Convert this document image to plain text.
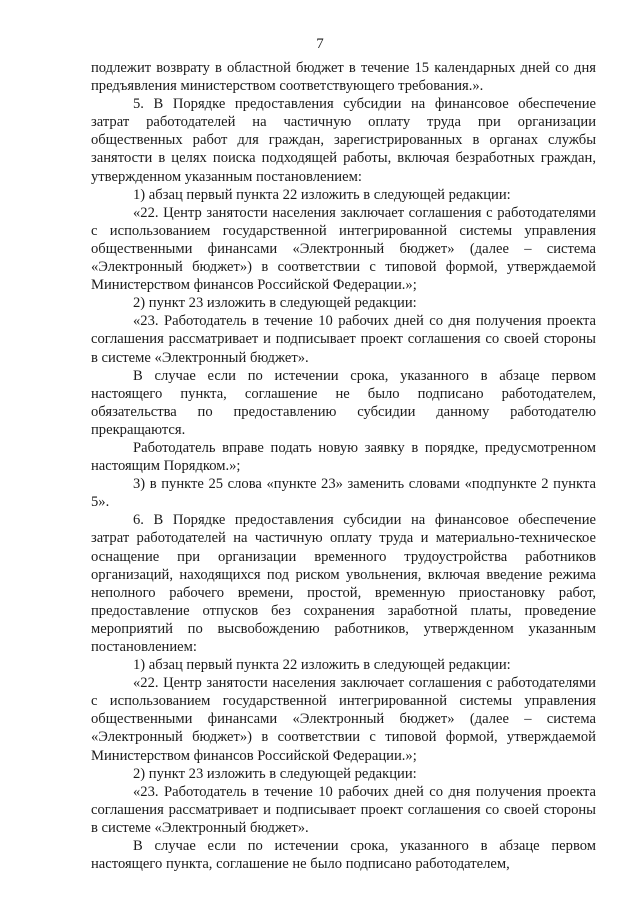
7

подлежит возврату в областной бюджет в течение 15 календарных дней со дня предъявления министерством соответствующего требования.».

5. В Порядке предоставления субсидии на финансовое обеспечение затрат работодателей на частичную оплату труда при организации общественных работ для граждан, зарегистрированных в органах службы занятости в целях поиска подходящей работы, включая безработных граждан, утвержденном указанным постановлением:

1) абзац первый пункта 22 изложить в следующей редакции:

«22. Центр занятости населения заключает соглашения с работодателями с использованием государственной интегрированной системы управления общественными финансами «Электронный бюджет» (далее – система «Электронный бюджет») в соответствии с типовой формой, утверждаемой Министерством финансов Российской Федерации.»;

2) пункт 23 изложить в следующей редакции:

«23. Работодатель в течение 10 рабочих дней со дня получения проекта соглашения рассматривает и подписывает проект соглашения со своей стороны в системе «Электронный бюджет».

В случае если по истечении срока, указанного в абзаце первом настоящего пункта, соглашение не было подписано работодателем, обязательства по предоставлению субсидии данному работодателю прекращаются.

Работодатель вправе подать новую заявку в порядке, предусмотренном настоящим Порядком.»;

3) в пункте 25 слова «пункте 23» заменить словами «подпункте 2 пункта 5».

6. В Порядке предоставления субсидии на финансовое обеспечение затрат работодателей на частичную оплату труда и материально-техническое оснащение при организации временного трудоустройства работников организаций, находящихся под риском увольнения, включая введение режима неполного рабочего времени, простой, временную приостановку работ, предоставление отпусков без сохранения заработной платы, проведение мероприятий по высвобождению работников, утвержденном указанным постановлением:

1) абзац первый пункта 22 изложить в следующей редакции:

«22. Центр занятости населения заключает соглашения с работодателями с использованием государственной интегрированной системы управления общественными финансами «Электронный бюджет» (далее – система «Электронный бюджет») в соответствии с типовой формой, утверждаемой Министерством финансов Российской Федерации.»;

2) пункт 23 изложить в следующей редакции:

«23. Работодатель в течение 10 рабочих дней со дня получения проекта соглашения рассматривает и подписывает проект соглашения со своей стороны в системе «Электронный бюджет».

В случае если по истечении срока, указанного в абзаце первом настоящего пункта, соглашение не было подписано работодателем,
